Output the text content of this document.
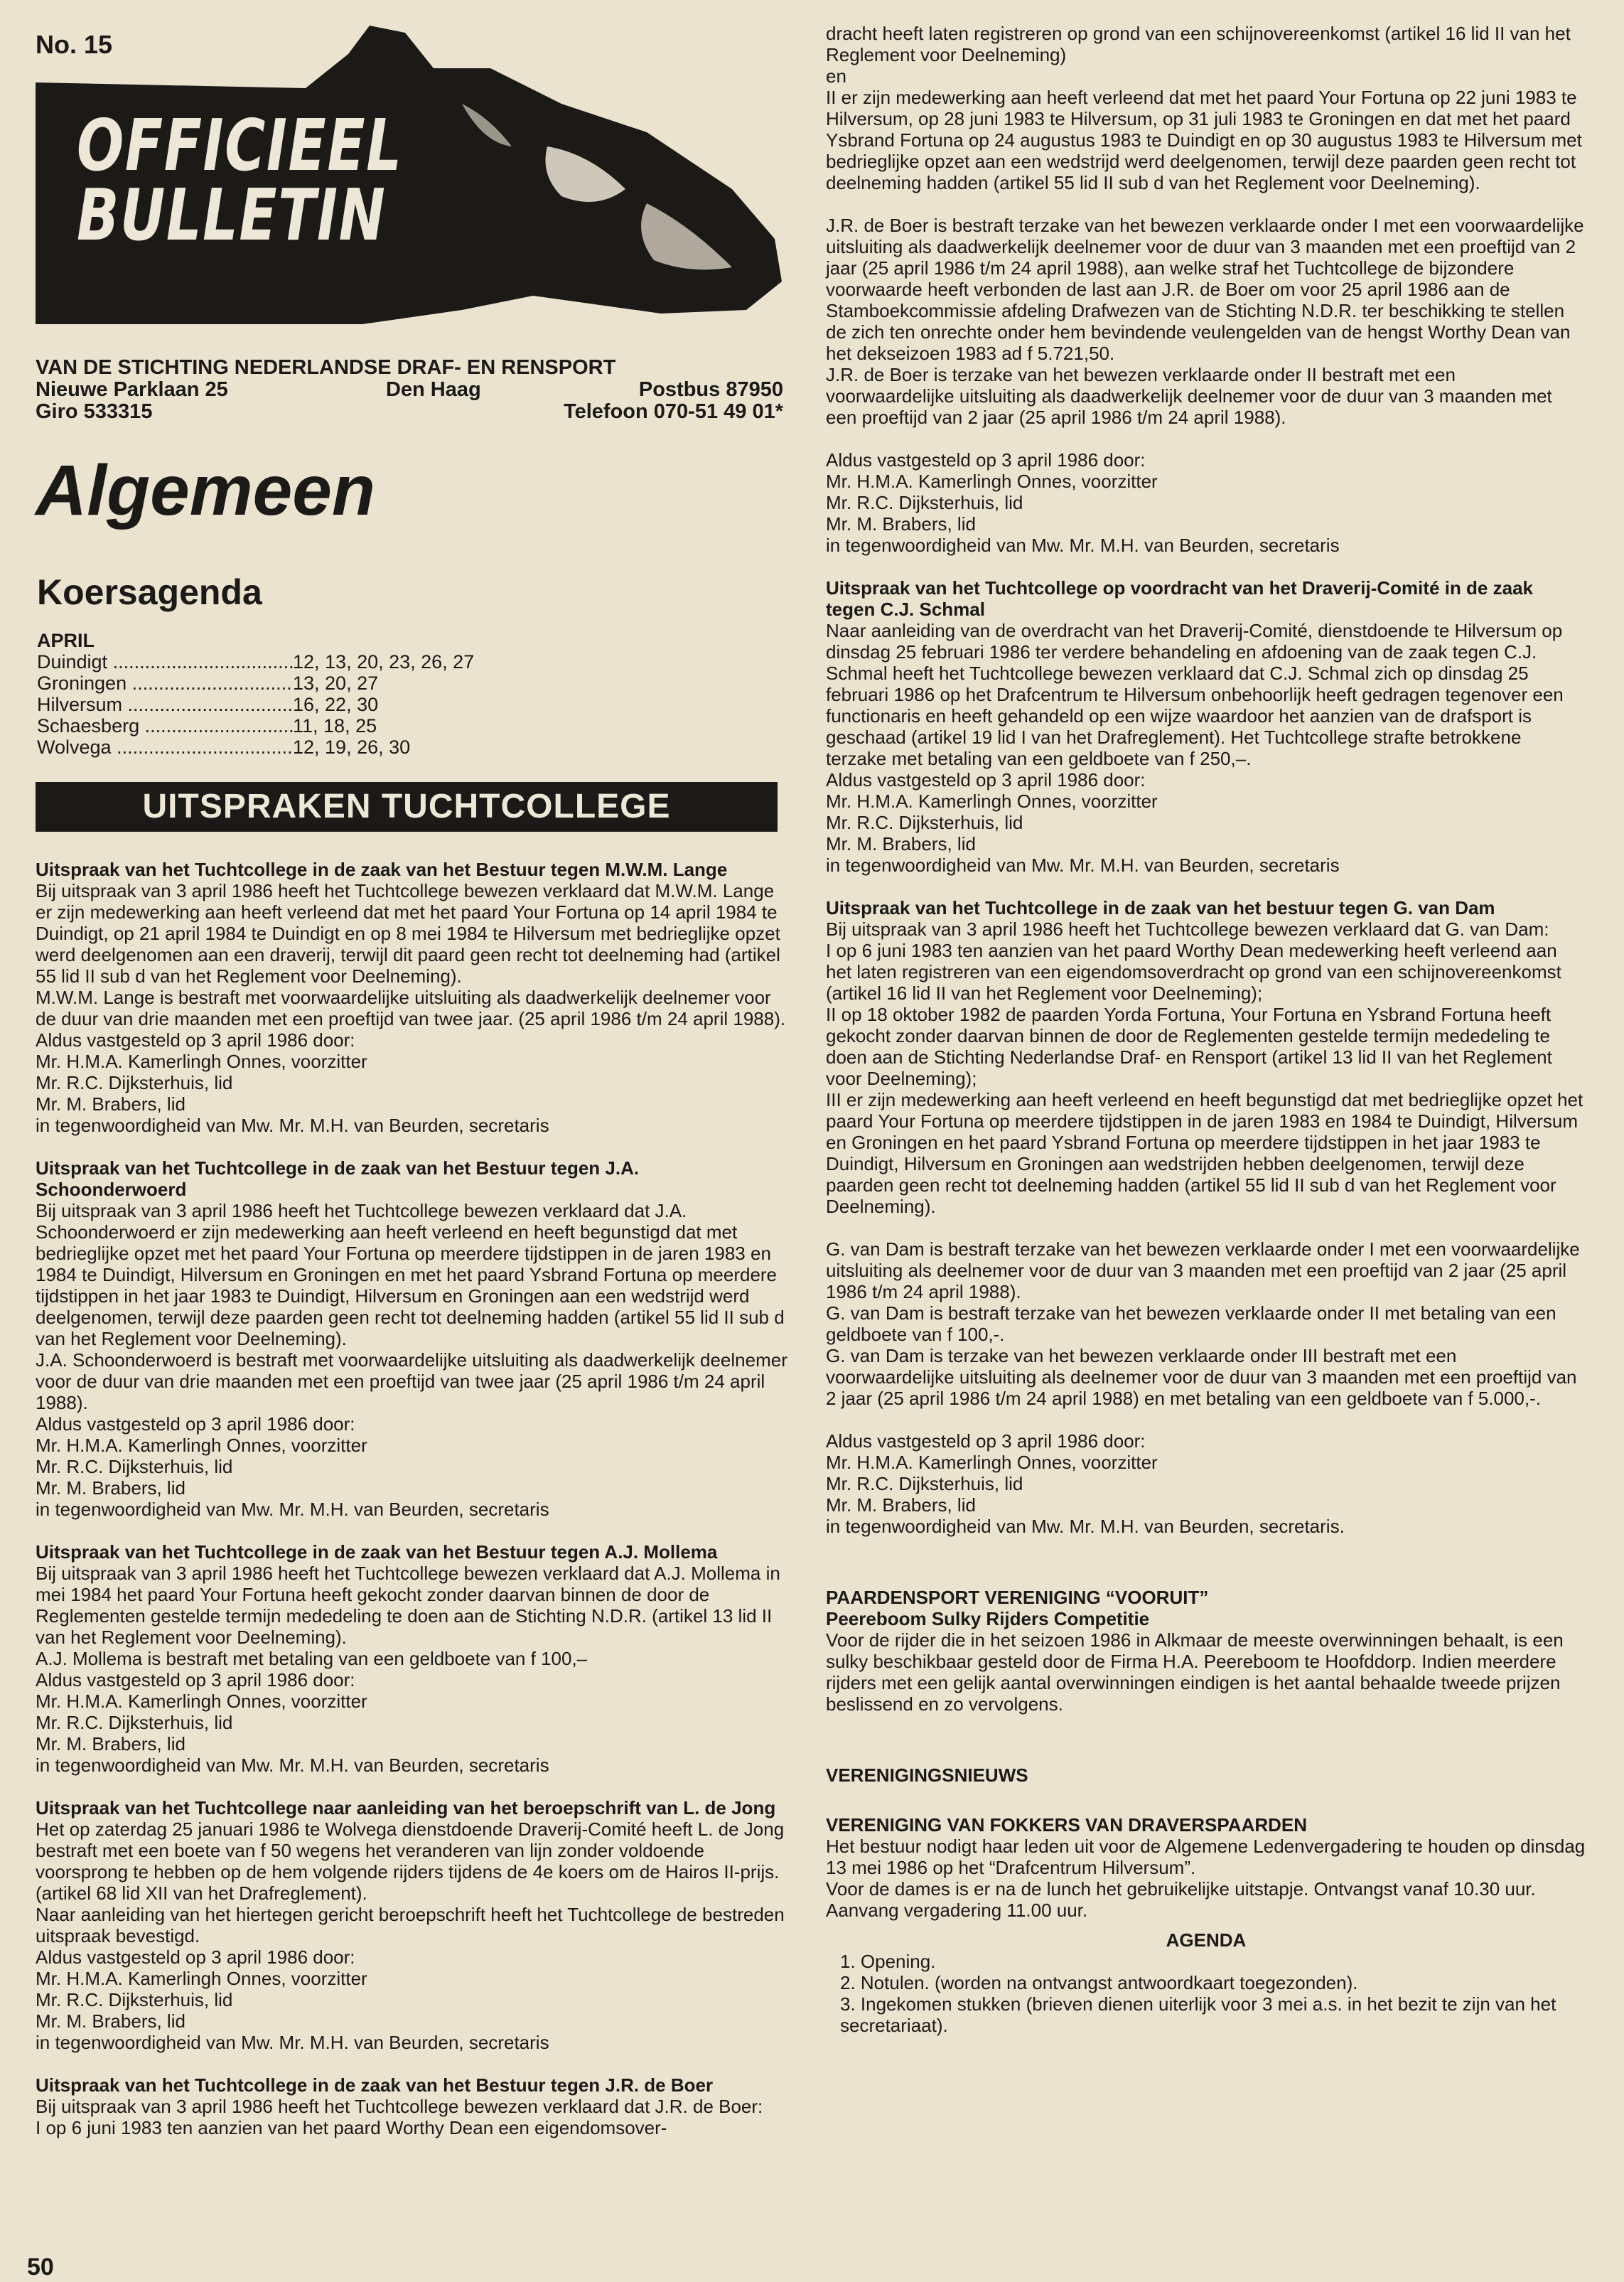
OFFICIEEL
BULLETIN
No. 15
VAN DE STICHTING NEDERLANDSE DRAF- EN RENSPORT
Nieuwe Parklaan 25	Den Haag	Postbus 87950
Giro 533315	Telefoon 070-51 49 01*
Algemeen
Koersagenda
APRIL
Duindigt .....	12, 13, 20, 23, 26, 27
Groningen .....	13, 20, 27
Hilversum .....	16, 22, 30
Schaesberg .....	11, 18, 25
Wolvega .....	12, 19, 26, 30
UITSPRAKEN TUCHTCOLLEGE

Uitspraak van het Tuchtcollege in de zaak van het Bestuur tegen M.W.M. Lange

Bij uitspraak van 3 april 1986 heeft het Tuchtcollege bewezen verklaard dat M.W.M. Lange er zijn medewerking aan heeft verleend dat met het paard Your Fortuna op 14 april 1984 te Duindigt, op 21 april 1984 te Duindigt en op 8 mei 1984 te Hilversum met bedrieglijke opzet werd deelgenomen aan een draverij, terwijl dit paard geen recht tot deelneming had (artikel 55 lid II sub d van het Reglement voor Deelneming).

M.W.M. Lange is bestraft met voorwaardelijke uitsluiting als daadwerkelijk deelnemer voor de duur van drie maanden met een proeftijd van twee jaar. (25 april 1986 t/m 24 april 1988).

Aldus vastgesteld op 3 april 1986 door:

Mr. H.M.A. Kamerlingh Onnes, voorzitter

Mr. R.C. Dijksterhuis, lid

Mr. M. Brabers, lid

in tegenwoordigheid van Mw. Mr. M.H. van Beurden, secretaris

Uitspraak van het Tuchtcollege in de zaak van het Bestuur tegen J.A. Schoonderwoerd

Bij uitspraak van 3 april 1986 heeft het Tuchtcollege bewezen verklaard dat J.A. Schoonderwoerd er zijn medewerking aan heeft verleend en heeft begunstigd dat met bedrieglijke opzet met het paard Your Fortuna op meerdere tijdstippen in de jaren 1983 en 1984 te Duindigt, Hilversum en Groningen en met het paard Ysbrand Fortuna op meerdere tijdstippen in het jaar 1983 te Duindigt, Hilversum en Groningen aan een wedstrijd werd deelgenomen, terwijl deze paarden geen recht tot deelneming hadden (artikel 55 lid II sub d van het Reglement voor Deelneming).

J.A. Schoonderwoerd is bestraft met voorwaardelijke uitsluiting als daadwerkelijk deelnemer voor de duur van drie maanden met een proeftijd van twee jaar (25 april 1986 t/m 24 april 1988).

Aldus vastgesteld op 3 april 1986 door:

Mr. H.M.A. Kamerlingh Onnes, voorzitter

Mr. R.C. Dijksterhuis, lid

Mr. M. Brabers, lid

in tegenwoordigheid van Mw. Mr. M.H. van Beurden, secretaris

Uitspraak van het Tuchtcollege in de zaak van het Bestuur tegen A.J. Mollema

Bij uitspraak van 3 april 1986 heeft het Tuchtcollege bewezen verklaard dat A.J. Mollema in mei 1984 het paard Your Fortuna heeft gekocht zonder daarvan binnen de door de Reglementen gestelde termijn mededeling te doen aan de Stichting N.D.R. (artikel 13 lid II van het Reglement voor Deelneming).

A.J. Mollema is bestraft met betaling van een geldboete van f 100,–

Aldus vastgesteld op 3 april 1986 door:

Mr. H.M.A. Kamerlingh Onnes, voorzitter

Mr. R.C. Dijksterhuis, lid

Mr. M. Brabers, lid

in tegenwoordigheid van Mw. Mr. M.H. van Beurden, secretaris

Uitspraak van het Tuchtcollege naar aanleiding van het beroepschrift van L. de Jong

Het op zaterdag 25 januari 1986 te Wolvega dienstdoende Draverij-Comité heeft L. de Jong bestraft met een boete van f 50 wegens het veranderen van lijn zonder voldoende voorsprong te hebben op de hem volgende rijders tijdens de 4e koers om de Hairos II-prijs. (artikel 68 lid XII van het Drafreglement).

Naar aanleiding van het hiertegen gericht beroepschrift heeft het Tuchtcollege de bestreden uitspraak bevestigd.

Aldus vastgesteld op 3 april 1986 door:

Mr. H.M.A. Kamerlingh Onnes, voorzitter

Mr. R.C. Dijksterhuis, lid

Mr. M. Brabers, lid

in tegenwoordigheid van Mw. Mr. M.H. van Beurden, secretaris

Uitspraak van het Tuchtcollege in de zaak van het Bestuur tegen J.R. de Boer

Bij uitspraak van 3 april 1986 heeft het Tuchtcollege bewezen verklaard dat J.R. de Boer:

I op 6 juni 1983 ten aanzien van het paard Worthy Dean een eigendomsover-

dracht heeft laten registreren op grond van een schijnovereenkomst (artikel 16 lid II van het Reglement voor Deelneming)

en

II er zijn medewerking aan heeft verleend dat met het paard Your Fortuna op 22 juni 1983 te Hilversum, op 28 juni 1983 te Hilversum, op 31 juli 1983 te Groningen en dat met het paard Ysbrand Fortuna op 24 augustus 1983 te Duindigt en op 30 augustus 1983 te Hilversum met bedrieglijke opzet aan een wedstrijd werd deelgenomen, terwijl deze paarden geen recht tot deelneming hadden (artikel 55 lid II sub d van het Reglement voor Deelneming).

J.R. de Boer is bestraft terzake van het bewezen verklaarde onder I met een voorwaardelijke uitsluiting als daadwerkelijk deelnemer voor de duur van 3 maanden met een proeftijd van 2 jaar (25 april 1986 t/m 24 april 1988), aan welke straf het Tuchtcollege de bijzondere voorwaarde heeft verbonden de last aan J.R. de Boer om voor 25 april 1986 aan de Stamboekcommissie afdeling Drafwezen van de Stichting N.D.R. ter beschikking te stellen de zich ten onrechte onder hem bevindende veulengelden van de hengst Worthy Dean van het dekseizoen 1983 ad f 5.721,50.

J.R. de Boer is terzake van het bewezen verklaarde onder II bestraft met een voorwaardelijke uitsluiting als daadwerkelijk deelnemer voor de duur van 3 maanden met een proeftijd van 2 jaar (25 april 1986 t/m 24 april 1988).

Aldus vastgesteld op 3 april 1986 door:

Mr. H.M.A. Kamerlingh Onnes, voorzitter

Mr. R.C. Dijksterhuis, lid

Mr. M. Brabers, lid

in tegenwoordigheid van Mw. Mr. M.H. van Beurden, secretaris

Uitspraak van het Tuchtcollege op voordracht van het Draverij-Comité in de zaak tegen C.J. Schmal

Naar aanleiding van de overdracht van het Draverij-Comité, dienstdoende te Hilversum op dinsdag 25 februari 1986 ter verdere behandeling en afdoening van de zaak tegen C.J. Schmal heeft het Tuchtcollege bewezen verklaard dat C.J. Schmal zich op dinsdag 25 februari 1986 op het Drafcentrum te Hilversum onbehoorlijk heeft gedragen tegenover een functionaris en heeft gehandeld op een wijze waardoor het aanzien van de drafsport is geschaad (artikel 19 lid I van het Drafreglement). Het Tuchtcollege strafte betrokkene terzake met betaling van een geldboete van f 250,–.

Aldus vastgesteld op 3 april 1986 door:

Mr. H.M.A. Kamerlingh Onnes, voorzitter

Mr. R.C. Dijksterhuis, lid

Mr. M. Brabers, lid

in tegenwoordigheid van Mw. Mr. M.H. van Beurden, secretaris

Uitspraak van het Tuchtcollege in de zaak van het bestuur tegen G. van Dam

Bij uitspraak van 3 april 1986 heeft het Tuchtcollege bewezen verklaard dat G. van Dam:

I op 6 juni 1983 ten aanzien van het paard Worthy Dean medewerking heeft verleend aan het laten registreren van een eigendomsoverdracht op grond van een schijnovereenkomst (artikel 16 lid II van het Reglement voor Deelneming);

II op 18 oktober 1982 de paarden Yorda Fortuna, Your Fortuna en Ysbrand Fortuna heeft gekocht zonder daarvan binnen de door de Reglementen gestelde termijn mededeling te doen aan de Stichting Nederlandse Draf- en Rensport (artikel 13 lid II van het Reglement voor Deelneming);

III er zijn medewerking aan heeft verleend en heeft begunstigd dat met bedrieglijke opzet het paard Your Fortuna op meerdere tijdstippen in de jaren 1983 en 1984 te Duindigt, Hilversum en Groningen en het paard Ysbrand Fortuna op meerdere tijdstippen in het jaar 1983 te Duindigt, Hilversum en Groningen aan wedstrijden hebben deelgenomen, terwijl deze paarden geen recht tot deelneming hadden (artikel 55 lid II sub d van het Reglement voor Deelneming).

G. van Dam is bestraft terzake van het bewezen verklaarde onder I met een voorwaardelijke uitsluiting als deelnemer voor de duur van 3 maanden met een proeftijd van 2 jaar (25 april 1986 t/m 24 april 1988).

G. van Dam is bestraft terzake van het bewezen verklaarde onder II met betaling van een geldboete van f 100,-.

G. van Dam is terzake van het bewezen verklaarde onder III bestraft met een voorwaardelijke uitsluiting als deelnemer voor de duur van 3 maanden met een proeftijd van 2 jaar (25 april 1986 t/m 24 april 1988) en met betaling van een geldboete van f 5.000,-.

Aldus vastgesteld op 3 april 1986 door:

Mr. H.M.A. Kamerlingh Onnes, voorzitter

Mr. R.C. Dijksterhuis, lid

Mr. M. Brabers, lid

in tegenwoordigheid van Mw. Mr. M.H. van Beurden, secretaris.

PAARDENSPORT VERENIGING “VOORUIT”

Peereboom Sulky Rijders Competitie

Voor de rijder die in het seizoen 1986 in Alkmaar de meeste overwinningen behaalt, is een sulky beschikbaar gesteld door de Firma H.A. Peereboom te Hoofddorp. Indien meerdere rijders met een gelijk aantal overwinningen eindigen is het aantal behaalde tweede prijzen beslissend en zo vervolgens.

VERENIGINGSNIEUWS

VERENIGING VAN FOKKERS VAN DRAVERSPAARDEN

Het bestuur nodigt haar leden uit voor de Algemene Ledenvergadering te houden op dinsdag 13 mei 1986 op het “Drafcentrum Hilversum”.

Voor de dames is er na de lunch het gebruikelijke uitstapje. Ontvangst vanaf 10.30 uur. Aanvang vergadering 11.00 uur.

AGENDA

1. Opening.

2. Notulen. (worden na ontvangst antwoordkaart toegezonden).

3. Ingekomen stukken (brieven dienen uiterlijk voor 3 mei a.s. in het bezit te zijn van het secretariaat).

50
